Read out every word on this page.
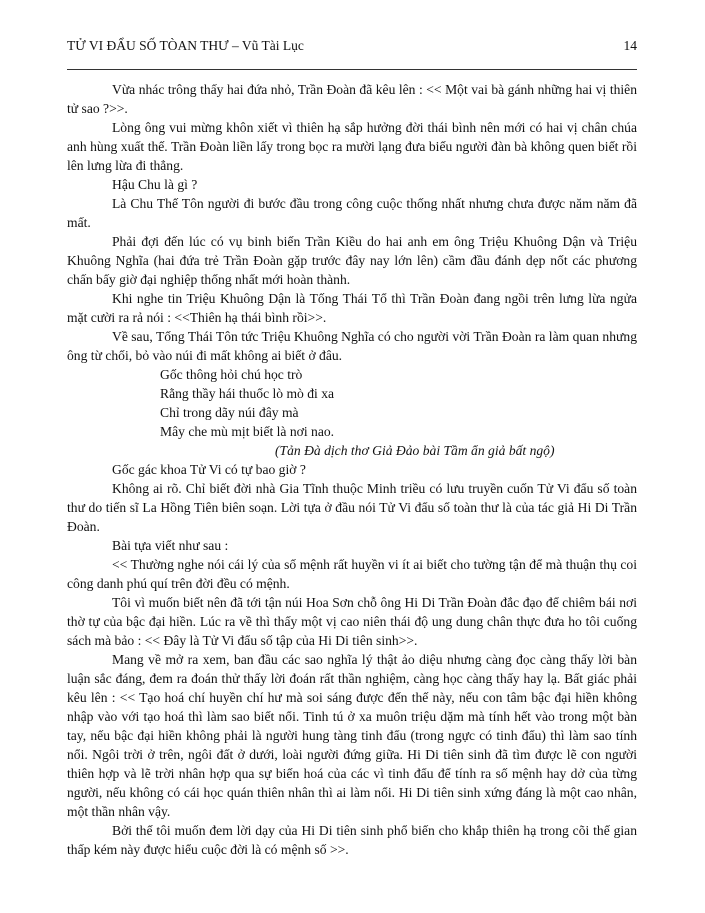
TỬ VI ĐẨU SỐ TÒAN THƯ – Vũ Tài Lục	14

Vừa nhác trông thấy hai đứa nhỏ, Trần Đoàn đã kêu lên : << Một vai bà gánh những hai vị thiên tử sao ?>>.

Lòng ông vui mừng khôn xiết vì thiên hạ sắp hưởng đời thái bình nên mới có hai vị chân chúa anh hùng xuất thế. Trần Đoàn liền lấy trong bọc ra mười lạng đưa biếu người đàn bà không quen biết rồi lên lưng lừa đi thẳng.

Hậu Chu là gì ?

Là Chu Thế Tôn người đi bước đầu trong công cuộc thống nhất nhưng chưa được năm năm đã mất.

Phải đợi đến lúc có vụ binh biến Trần Kiều do hai anh em ông Triệu Khuông Dận và Triệu Khuông Nghĩa (hai đứa trẻ Trần Đoàn gặp trước đây nay lớn lên) cầm đầu đánh dẹp nốt các phương chấn bấy giờ đại nghiệp thống nhất mới hoàn thành.

Khi nghe tin Triệu Khuông Dận là Tống Thái Tổ thì Trần Đoàn đang ngồi trên lưng lừa ngửa mặt cười ra rả nói : <<Thiên hạ thái bình rồi>>.

Về sau, Tống Thái Tôn tức Triệu Khuông Nghĩa có cho người vời Trần Đoàn ra làm quan nhưng ông từ chối, bỏ vào núi đi mất không ai biết ở đâu.

Gốc thông hỏi chú học trò
Rằng thầy hái thuốc lò mò đi xa
Chỉ trong dãy núi đây mà
Mây che mù mịt biết là nơi nao.
(Tản Đà dịch thơ Giả Đảo bài Tầm ẩn giả bất ngộ)

Gốc gác khoa Tử Vi có tự bao giờ ?

Không ai rõ. Chỉ biết đời nhà Gia Tĩnh thuộc Minh triều có lưu truyền cuốn Tử Vi đẩu số toàn thư do tiến sĩ La Hồng Tiên biên soạn. Lời tựa ở đầu nói Tử Vi đẩu số toàn thư là của tác giả Hi Di Trần Đoàn.

Bài tựa viết như sau :

<< Thường nghe nói cái lý của số mệnh rất huyền vi ít ai biết cho tường tận để mà thuận thụ coi công danh phú quí trên đời đều có mệnh.

Tôi vì muốn biết nên đã tới tận núi Hoa Sơn chỗ ông Hi Di Trần Đoàn đắc đạo để chiêm bái nơi thờ tự của bậc đại hiền. Lúc ra về thì thấy một vị cao niên thái độ ung dung chân thực đưa ho tôi cuống sách mà bảo : << Đây là Tử Vi đẩu số tập của Hi Di tiên sinh>>.

Mang về mở ra xem, ban đầu các sao nghĩa lý thật ảo diệu nhưng càng đọc càng thấy lời bàn luận sắc đáng, đem ra đoán thử thấy lời đoán rất thần nghiệm, càng học càng thấy hay lạ. Bất giác phải kêu lên : << Tạo hoá chí huyền chí hư mà soi sáng được đến thế này, nếu con tâm bậc đại hiền không nhập vào với tạo hoá thì làm sao biết nổi. Tinh tú ở xa muôn triệu dặm mà tính hết vào trong một bàn tay, nếu bậc đại hiền không phải là người hung tàng tinh đẩu (trong ngực có tinh đẩu) thì làm sao tính nổi. Ngôi trời ở trên, ngôi đất ở dưới, loài người đứng giữa. Hi Di tiên sinh đã tìm được lẽ con người thiên hợp và lẽ trời nhân hợp qua sự biến hoá của các vì tinh đẩu để tính ra số mệnh hay dở của từng người, nếu không có cái học quán thiên nhân thì ai làm nổi. Hi Di tiên sinh xứng đáng là một cao nhân, một thần nhân vậy.

Bởi thế tôi muốn đem lời dạy của Hi Di tiên sinh phổ biến cho khắp thiên hạ trong cõi thế gian thấp kém này được hiểu cuộc đời là có mệnh số >>.
